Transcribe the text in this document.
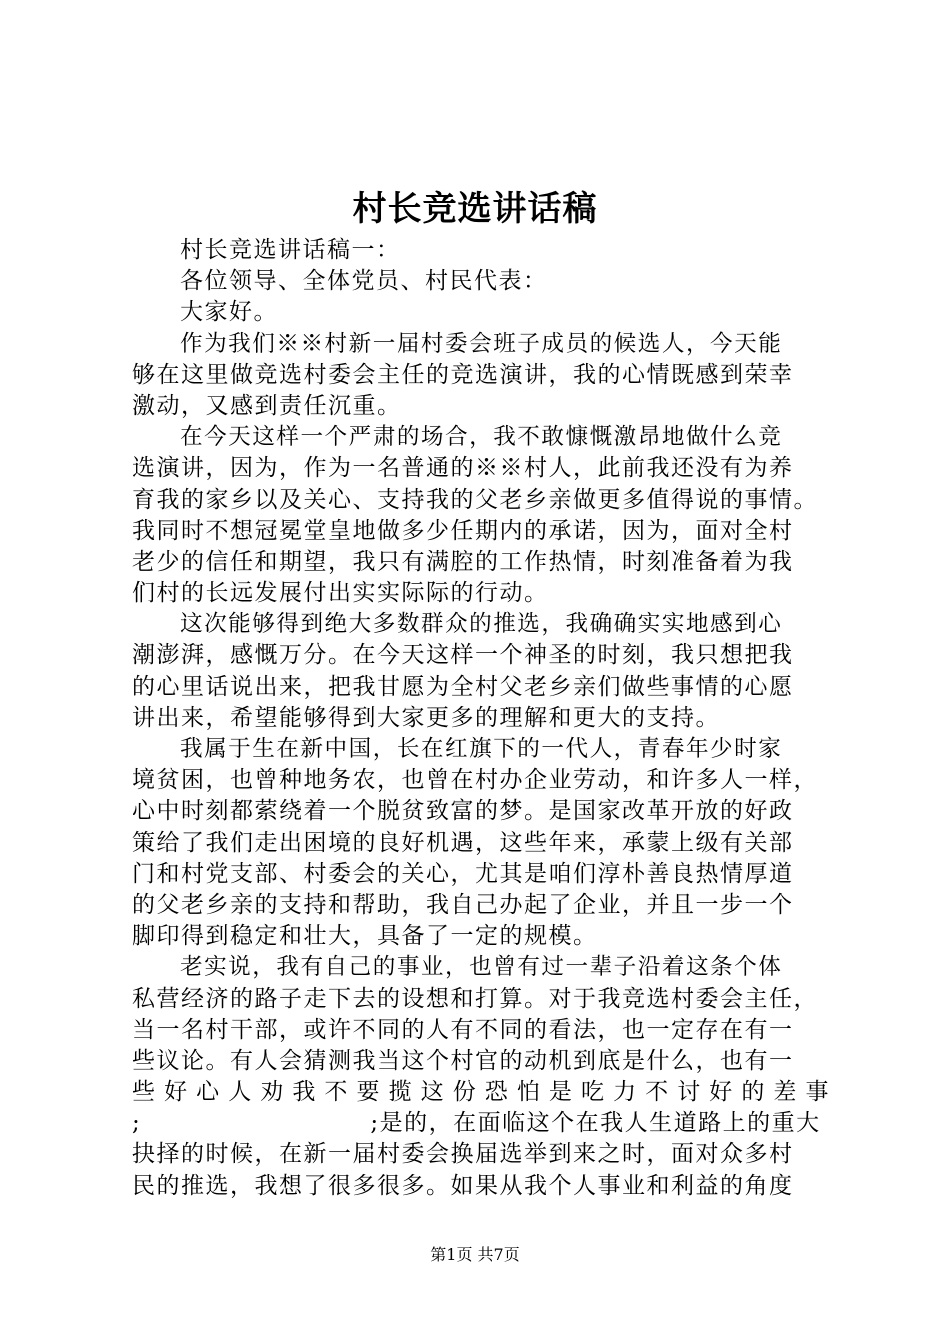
村长竞选讲话稿
村长竞选讲话稿一：
各位领导、全体党员、村民代表：
大家好。
作为我们※※村新一届村委会班子成员的候选人，今天能
够在这里做竞选村委会主任的竞选演讲，我的心情既感到荣幸
激动，又感到责任沉重。
在今天这样一个严肃的场合，我不敢慷慨激昂地做什么竞
选演讲，因为，作为一名普通的※※村人，此前我还没有为养
育我的家乡以及关心、支持我的父老乡亲做更多值得说的事情。
我同时不想冠冕堂皇地做多少任期内的承诺，因为，面对全村
老少的信任和期望，我只有满腔的工作热情，时刻准备着为我
们村的长远发展付出实实际际的行动。
这次能够得到绝大多数群众的推选，我确确实实地感到心
潮澎湃，感慨万分。在今天这样一个神圣的时刻，我只想把我
的心里话说出来，把我甘愿为全村父老乡亲们做些事情的心愿
讲出来，希望能够得到大家更多的理解和更大的支持。
我属于生在新中国，长在红旗下的一代人，青春年少时家
境贫困，也曾种地务农，也曾在村办企业劳动，和许多人一样，
心中时刻都萦绕着一个脱贫致富的梦。是国家改革开放的好政
策给了我们走出困境的良好机遇，这些年来，承蒙上级有关部
门和村党支部、村委会的关心，尤其是咱们淳朴善良热情厚道
的父老乡亲的支持和帮助，我自己办起了企业，并且一步一个
脚印得到稳定和壮大，具备了一定的规模。
老实说，我有自己的事业，也曾有过一辈子沿着这条个体
私营经济的路子走下去的设想和打算。对于我竞选村委会主任，
当一名村干部，或许不同的人有不同的看法，也一定存在有一
些议论。有人会猜测我当这个村官的动机到底是什么，也有一
些好心人劝我不要揽这份恐怕是吃力不讨好的差事
;                          ;是的，在面临这个在我人生道路上的重大
抉择的时候，在新一届村委会换届选举到来之时，面对众多村
民的推选，我想了很多很多。如果从我个人事业和利益的角度
第1页 共7页
